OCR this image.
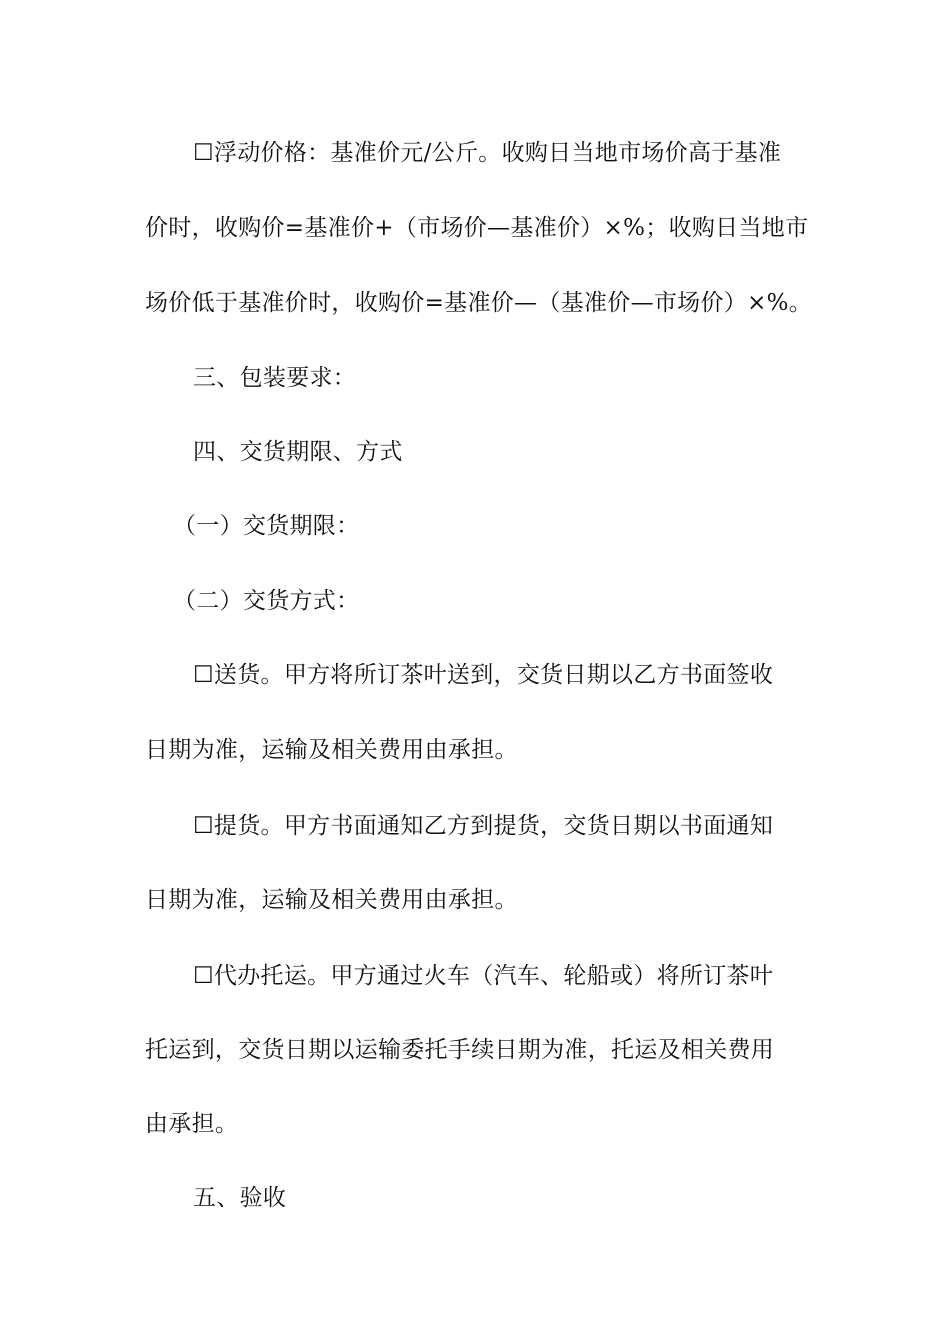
☐浮动价格：基准价元/公斤。收购日当地市场价高于基准
价时，收购价=基准价+（市场价—基准价）×%；收购日当地市
场价低于基准价时，收购价=基准价—（基准价—市场价）×%。
三、包装要求：
四、交货期限、方式
（一）交货期限：
（二）交货方式：
☐送货。甲方将所订茶叶送到，交货日期以乙方书面签收
日期为准，运输及相关费用由承担。
☐提货。甲方书面通知乙方到提货，交货日期以书面通知
日期为准，运输及相关费用由承担。
☐代办托运。甲方通过火车（汽车、轮船或）将所订茶叶
托运到，交货日期以运输委托手续日期为准，托运及相关费用
由承担。
五、验收
